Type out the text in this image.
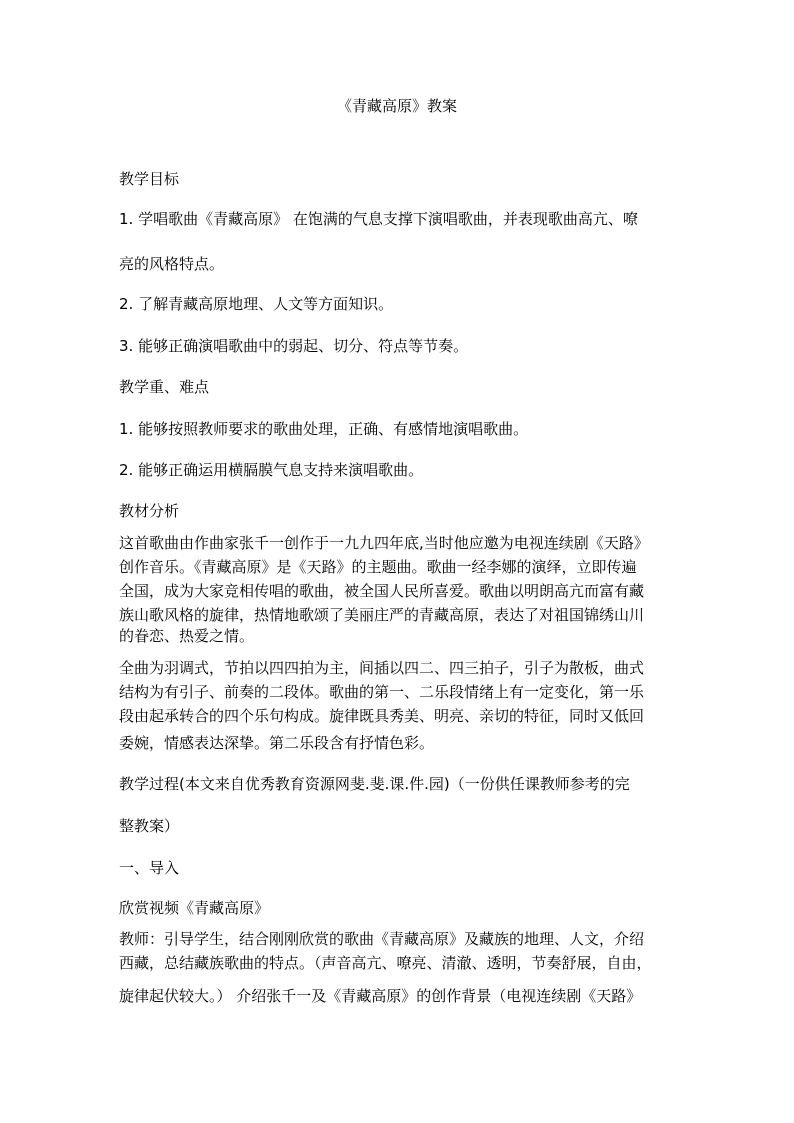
《青藏高原》教案
教学目标
1. 学唱歌曲《青藏高原》 在饱满的气息支撑下演唱歌曲，并表现歌曲高亢、嘹
亮的风格特点。
2. 了解青藏高原地理、人文等方面知识。
3. 能够正确演唱歌曲中的弱起、切分、符点等节奏。
教学重、难点
1. 能够按照教师要求的歌曲处理，正确、有感情地演唱歌曲。
2. 能够正确运用横膈膜气息支持来演唱歌曲。
教材分析
这首歌曲由作曲家张千一创作于一九九四年底,当时他应邀为电视连续剧《天路》
创作音乐。《青藏高原》是《天路》的主题曲。歌曲一经李娜的演绎，立即传遍
全国，成为大家竞相传唱的歌曲，被全国人民所喜爱。歌曲以明朗高亢而富有藏
族山歌风格的旋律，热情地歌颂了美丽庄严的青藏高原，表达了对祖国锦绣山川
的眷恋、热爱之情。
全曲为羽调式，节拍以四四拍为主，间插以四二、四三拍子，引子为散板，曲式
结构为有引子、前奏的二段体。歌曲的第一、二乐段情绪上有一定变化，第一乐
段由起承转合的四个乐句构成。旋律既具秀美、明亮、亲切的特征，同时又低回
委婉，情感表达深挚。第二乐段含有抒情色彩。
教学过程(本文来自优秀教育资源网斐.斐.课.件.园)（一份供任课教师参考的完
整教案）
一、导入
欣赏视频《青藏高原》
教师：引导学生，结合刚刚欣赏的歌曲《青藏高原》及藏族的地理、人文，介绍
西藏，总结藏族歌曲的特点。（声音高亢、嘹亮、清澈、透明，节奏舒展，自由，
旋律起伏较大。） 介绍张千一及《青藏高原》的创作背景（电视连续剧《天路》
